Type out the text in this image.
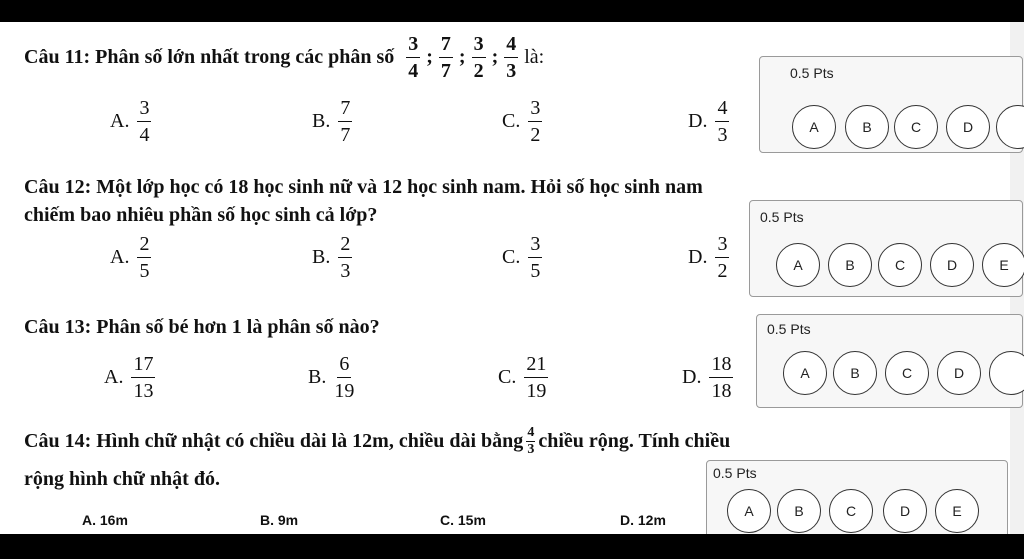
Câu 11: Phân số lớn nhất trong các phân số $\frac{3}{4}$ ; $\frac{7}{7}$ ; $\frac{3}{2}$ ; $\frac{4}{3}$ là:
A. $\frac{3}{4}$	B. $\frac{7}{7}$	C. $\frac{3}{2}$	D. $\frac{4}{3}$
0.5 Pts
A	B	C	D
Câu 12: Một lớp học có 18 học sinh nữ và 12 học sinh nam. Hỏi số học sinh nam
chiếm bao nhiêu phần số học sinh cả lớp?
A. $\frac{2}{5}$	B. $\frac{2}{3}$	C. $\frac{3}{5}$	D. $\frac{3}{2}$
0.5 Pts
A	B	C	D	E
Câu 13: Phân số bé hơn 1 là phân số nào?
A. $\frac{17}{13}$	B. $\frac{6}{19}$	C. $\frac{21}{19}$	D. $\frac{18}{18}$
0.5 Pts
A	B	C	D
Câu 14: Hình chữ nhật có chiều dài là 12m, chiều dài bằng $\frac{4}{3}$ chiều rộng. Tính chiều
rộng hình chữ nhật đó.
A. 16m	B. 9m	C. 15m	D. 12m
0.5 Pts
A	B	C	D	E
